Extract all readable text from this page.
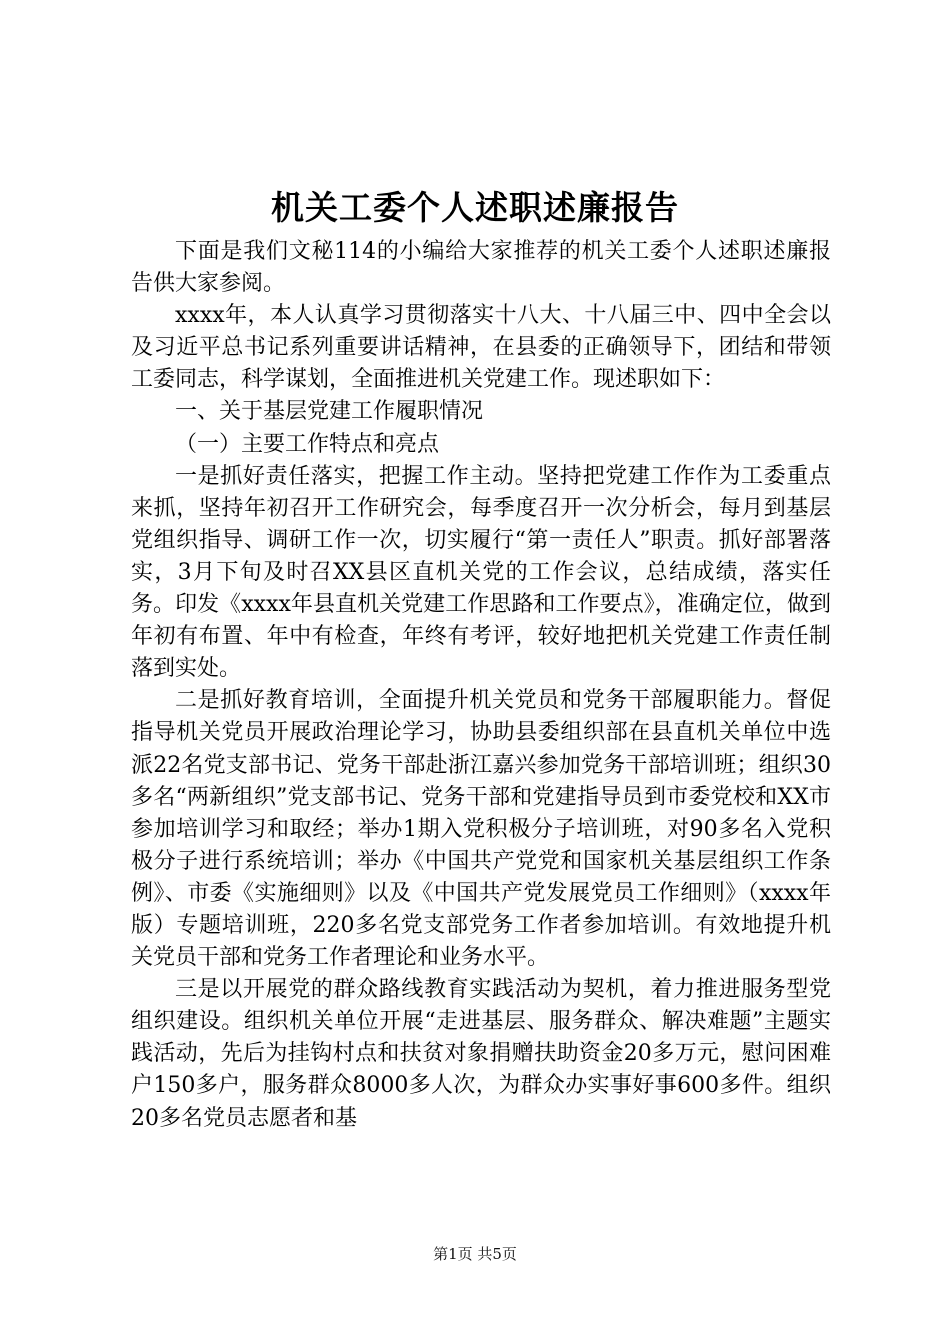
机关工委个人述职述廉报告

下面是我们文秘114的小编给大家推荐的机关工委个人述职述廉报告供大家参阅。

xxxx年，本人认真学习贯彻落实十八大、十八届三中、四中全会以及习近平总书记系列重要讲话精神，在县委的正确领导下，团结和带领工委同志，科学谋划，全面推进机关党建工作。现述职如下：

一、关于基层党建工作履职情况

（一）主要工作特点和亮点

一是抓好责任落实，把握工作主动。坚持把党建工作作为工委重点来抓，坚持年初召开工作研究会，每季度召开一次分析会，每月到基层党组织指导、调研工作一次，切实履行“第一责任人”职责。抓好部署落实，3月下旬及时召XX县区直机关党的工作会议，总结成绩，落实任务。印发《xxxx年县直机关党建工作思路和工作要点》，准确定位，做到年初有布置、年中有检查，年终有考评，较好地把机关党建工作责任制落到实处。

二是抓好教育培训，全面提升机关党员和党务干部履职能力。督促指导机关党员开展政治理论学习，协助县委组织部在县直机关单位中选派22名党支部书记、党务干部赴浙江嘉兴参加党务干部培训班；组织30多名“两新组织”党支部书记、党务干部和党建指导员到市委党校和XX市参加培训学习和取经；举办1期入党积极分子培训班，对90多名入党积极分子进行系统培训；举办《中国共产党党和国家机关基层组织工作条例》、市委《实施细则》以及《中国共产党发展党员工作细则》（xxxx年版）专题培训班，220多名党支部党务工作者参加培训。有效地提升机关党员干部和党务工作者理论和业务水平。

三是以开展党的群众路线教育实践活动为契机，着力推进服务型党组织建设。组织机关单位开展“走进基层、服务群众、解决难题”主题实践活动，先后为挂钩村点和扶贫对象捐赠扶助资金20多万元，慰问困难户150多户，服务群众8000多人次，为群众办实事好事600多件。组织20多名党员志愿者和基

第1页 共5页
